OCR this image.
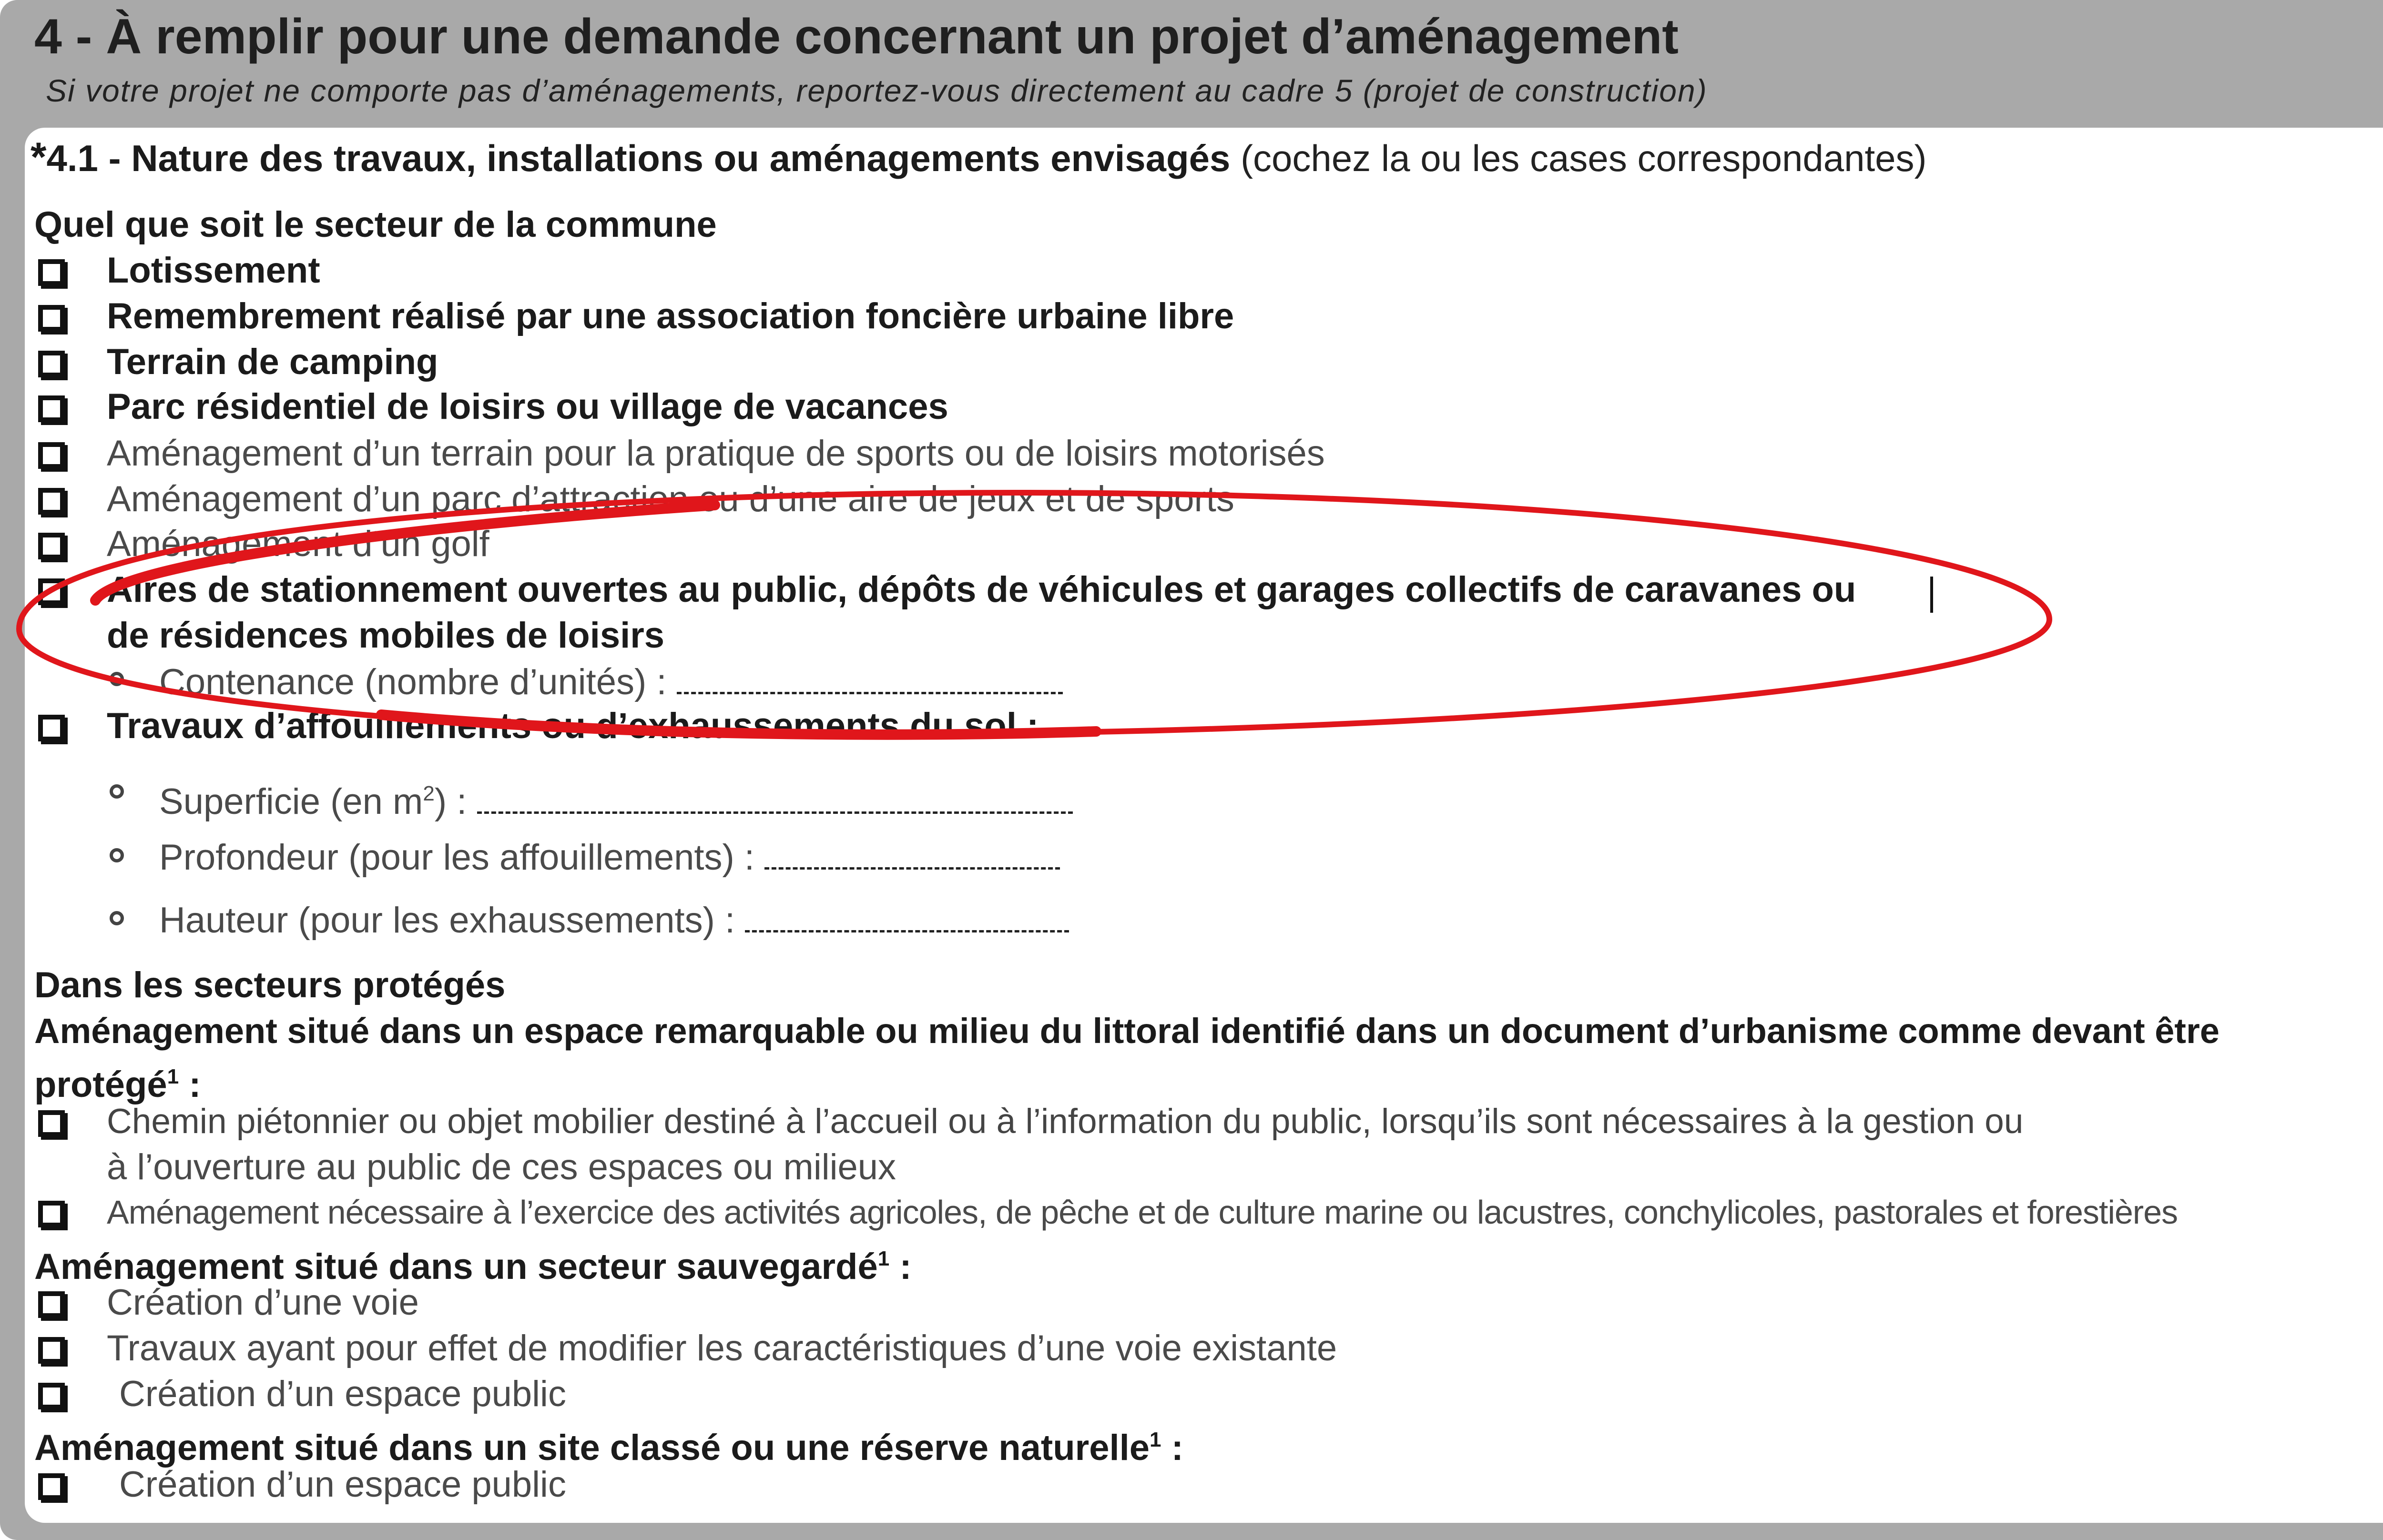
4 - À remplir pour une demande concernant un projet d’aménagement
Si votre projet ne comporte pas d’aménagements, reportez-vous directement au cadre 5 (projet de construction)
*4.1 - Nature des travaux, installations ou aménagements envisagés (cochez la ou les cases correspondantes)
Quel que soit le secteur de la commune
Lotissement
Remembrement réalisé par une association foncière urbaine libre
Terrain de camping
Parc résidentiel de loisirs ou village de vacances
Aménagement d’un terrain pour la pratique de sports ou de loisirs motorisés
Aménagement d’un parc d’attraction ou d’une aire de jeux et de sports
Aménagement d’un golf
Aires de stationnement ouvertes au public, dépôts de véhicules et garages collectifs de caravanes ou
de résidences mobiles de loisirs
Contenance (nombre d’unités) :
Travaux d’affouillements ou d’exhaussements du sol :
Superficie (en $m^2$) :
Profondeur (pour les affouillements) :
Hauteur (pour les exhaussements) :
Dans les secteurs protégés
Aménagement situé dans un espace remarquable ou milieu du littoral identifié dans un document d’urbanisme comme devant être
protégé$^1$ :
Chemin piétonnier ou objet mobilier destiné à l’accueil ou à l’information du public, lorsqu’ils sont nécessaires à la gestion ou
à l’ouverture au public de ces espaces ou milieux
Aménagement nécessaire à l’exercice des activités agricoles, de pêche et de culture marine ou lacustres, conchylicoles, pastorales et forestières
Aménagement situé dans un secteur sauvegardé$^1$ :
Création d’une voie
Travaux ayant pour effet de modifier les caractéristiques d’une voie existante
Création d’un espace public
Aménagement situé dans un site classé ou une réserve naturelle$^1$ :
Création d’un espace public
